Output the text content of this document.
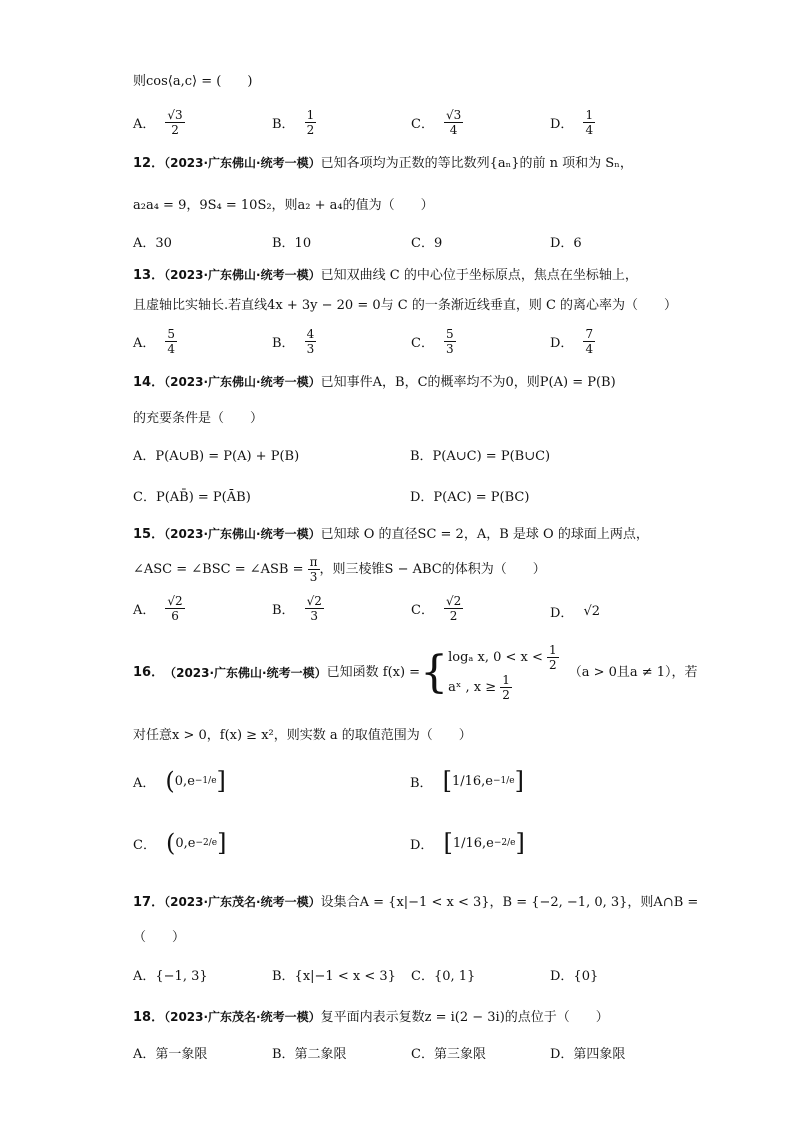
则cos⟨a,c⟩ = (　　)
A． $\frac{√3}{2}$	B． $\frac{1}{2}$	C． $\frac{√3}{4}$	D． $\frac{1}{4}$
12．（2023·广东佛山·统考一模）已知各项均为正数的等比数列{aₙ}的前 n 项和为 Sₙ，
a₂a₄ = 9，9S₄ = 10S₂，则a₂ + a₄的值为（　　）
A．30	B．10	C．9	D．6
13．（2023·广东佛山·统考一模）已知双曲线 C 的中心位于坐标原点，焦点在坐标轴上，
且虚轴比实轴长.若直线4x + 3y − 20 = 0与 C 的一条渐近线垂直，则 C 的离心率为（　　）
A． $\frac{5}{4}$	B． $\frac{4}{3}$	C． $\frac{5}{3}$	D． $\frac{7}{4}$
14．（2023·广东佛山·统考一模）已知事件A，B，C的概率均不为0，则P(A) = P(B)
的充要条件是（　　）
A．P(A∪B) = P(A) + P(B)	B．P(A∪C) = P(B∪C)
C．P(AB̄) = P(ĀB)	D．P(AC) = P(BC)
15．（2023·广东佛山·统考一模）已知球 O 的直径SC = 2，A，B 是球 O 的球面上两点，
∠ASC = ∠BSC = ∠ASB = $\frac{\pi}{3}$ ，则三棱锥S − ABC的体积为（　　）
A． $\frac{√2}{6}$	B． $\frac{√2}{3}$	C． $\frac{√2}{2}$	D． √2
16． （2023·广东佛山·统考一模） 已知函数 f(x) = { logₐ x, $0 < x < \frac{1}{2}$
aˣ , $x \ge \frac{1}{2}$
（a > 0且a ≠ 1），若
对任意x > 0，f(x) ≥ x²，则实数 a 的取值范围为（　　）
A． ( 0 , e −1/e ]	B． [ 1/16 , e −1/e ]
C． ( 0 , e −2/e ]	D． [ 1/16 , e −2/e ]
17．（2023·广东茂名·统考一模）设集合A = {x|−1 < x < 3}，B = {−2, −1, 0, 3}，则A∩B =
（　　）
A．{−1, 3}	B．{x|−1 < x < 3}	C．{0, 1}	D．{0}
18．（2023·广东茂名·统考一模）复平面内表示复数z = i(2 − 3i)的点位于（　　）
A．第一象限	B．第二象限	C．第三象限	D．第四象限
